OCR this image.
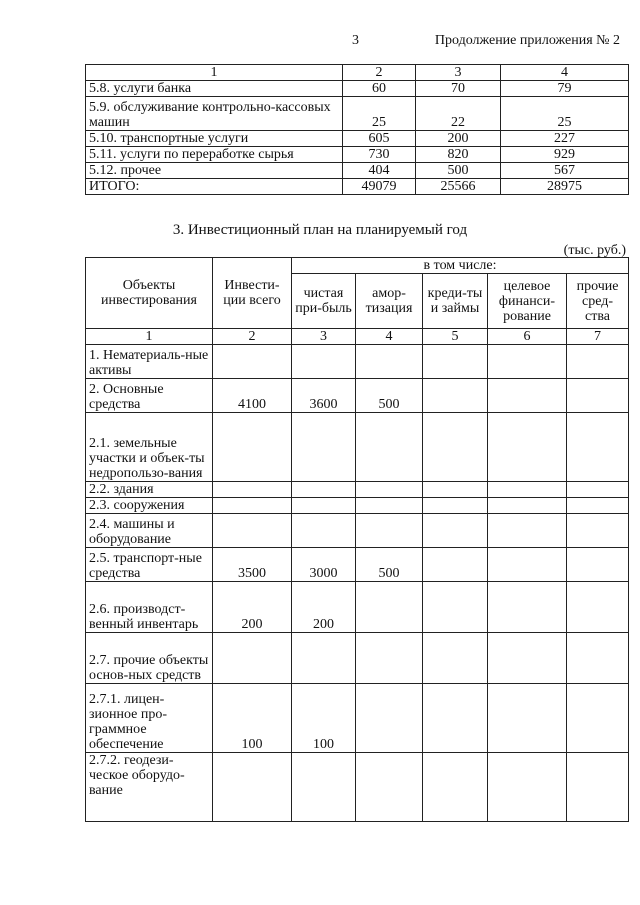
3	Продолжение приложения № 2
1	2	3	4
5.8. услуги банка	60	70	79
5.9. обслуживание контрольно-кассовых машин	25	22	25
5.10. транспортные услуги	605	200	227
5.11. услуги по переработке сырья	730	820	929
5.12. прочее	404	500	567
ИТОГО:	49079	25566	28975
3. Инвестиционный план на планируемый год
(тыс. руб.)
Объекты инвестирования	Инвести-ции всего	в том числе:				
		чистая при-быль	амор-тизация	креди-ты и займы	целевое финанси-рование	прочие сред-ства
1	2	3	4	5	6	7
1. Нематериаль-ные активы						
2. Основные средства	4100	3600	500			
2.1. земельные участки и объек-ты недропользо-вания						
2.2. здания						
2.3. сооружения						
2.4. машины и оборудование						
2.5. транспорт-ные средства	3500	3000	500			
2.6. производст-венный инвентарь	200	200				
2.7. прочие объекты основ-ных средств						
2.7.1. лицен-зионное про-граммное обеспечение	100	100				
2.7.2. геодези-ческое оборудо-вание						
